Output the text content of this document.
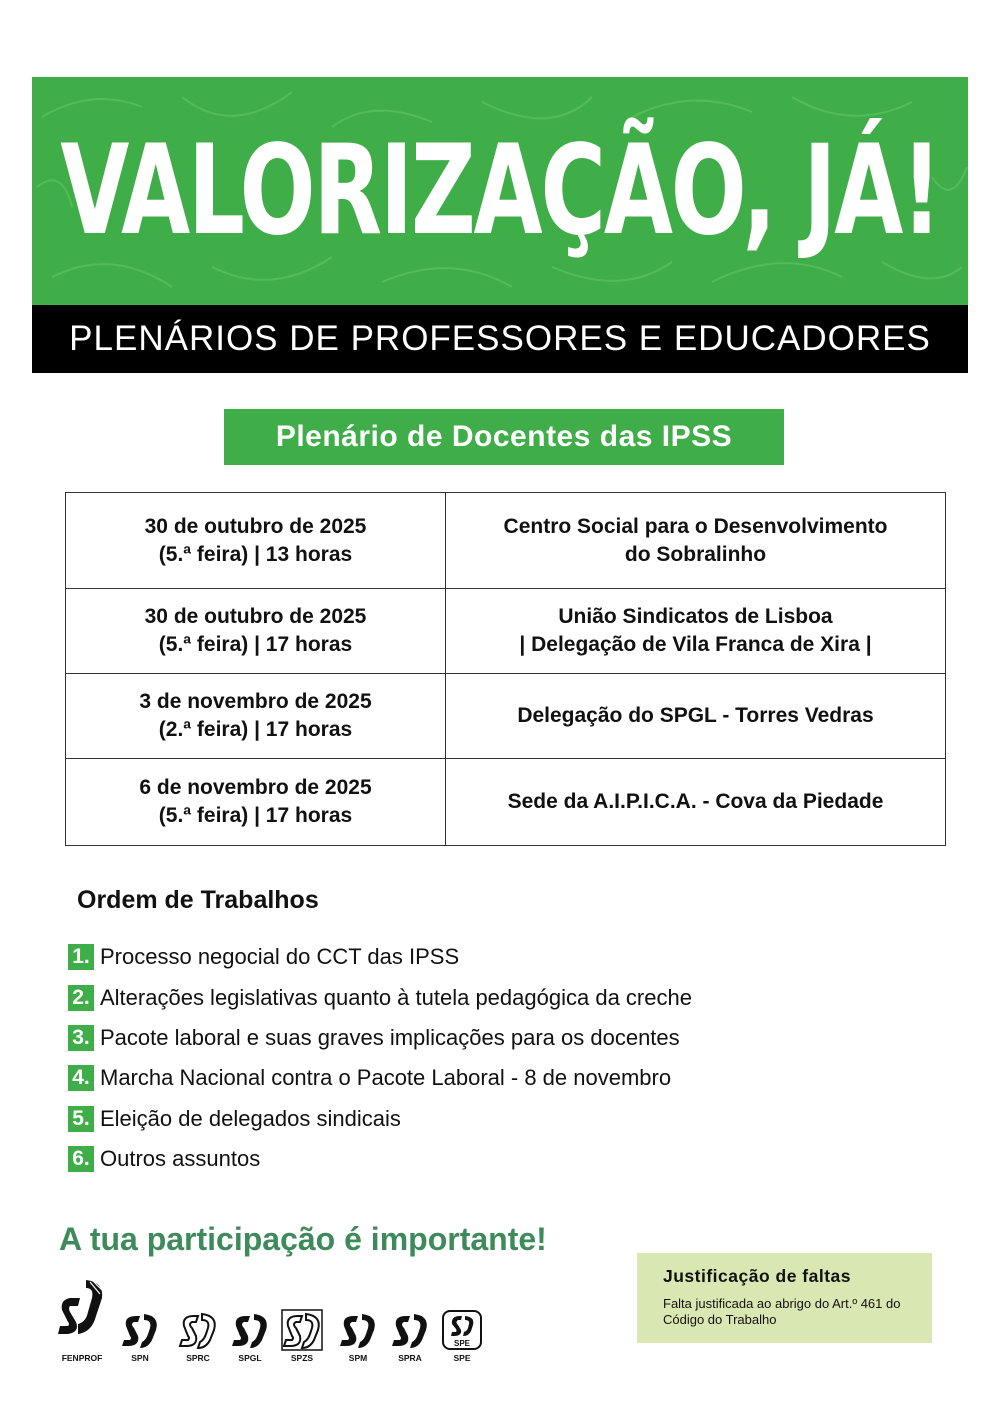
VALORIZAÇÃO, JÁ!
PLENÁRIOS DE PROFESSORES E EDUCADORES
Plenário de Docentes das IPSS
30 de outubro de 2025
(5.ª feira) | 13 horas	Centro Social para o Desenvolvimento
do Sobralinho

30 de outubro de 2025
(5.ª feira) | 17 horas	União Sindicatos de Lisboa
| Delegação de Vila Franca de Xira |

3 de novembro de 2025
(2.ª feira) | 17 horas	Delegação do SPGL - Torres Vedras

6 de novembro de 2025
(5.ª feira) | 17 horas	Sede da A.I.P.I.C.A. - Cova da Piedade
Ordem de Trabalhos
1. Processo negocial do CCT das IPSS
2. Alterações legislativas quanto à tutela pedagógica da creche
3. Pacote laboral e suas graves implicações para os docentes
4. Marcha Nacional contra o Pacote Laboral - 8 de novembro
5. Eleição de delegados sindicais
6. Outros assuntos
A tua participação é importante!
Justificação de faltas
Falta justificada ao abrigo do Art.º 461 do Código do Trabalho
FENPROF	SPN	SPRC	SPGL	SPZS	SPM	SPRA
SPE
SPE
